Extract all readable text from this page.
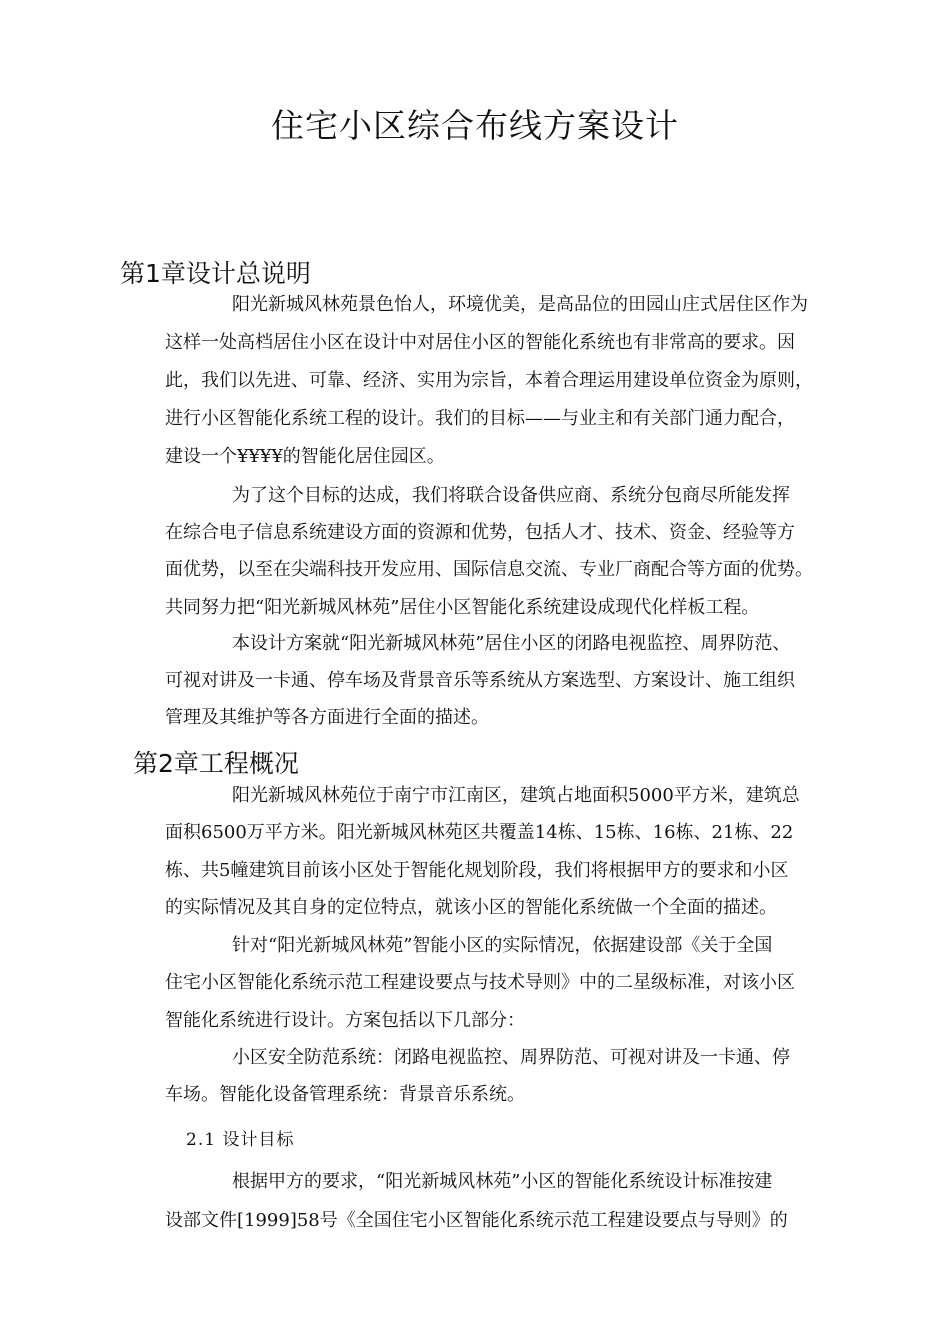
住宅小区综合布线方案设计
第1章设计总说明

阳光新城风林苑景色怡人，环境优美，是高品位的田园山庄式居住区作为

这样一处高档居住小区在设计中对居住小区的智能化系统也有非常高的要求。因

此，我们以先进、可靠、经济、实用为宗旨，本着合理运用建设单位资金为原则，

进行小区智能化系统工程的设计。我们的目标——与业主和有关部门通力配合，

建设一个¥¥¥¥的智能化居住园区。

为了这个目标的达成，我们将联合设备供应商、系统分包商尽所能发挥

在综合电子信息系统建设方面的资源和优势，包括人才、技术、资金、经验等方

面优势，以至在尖端科技开发应用、国际信息交流、专业厂商配合等方面的优势。

共同努力把“阳光新城风林苑”居住小区智能化系统建设成现代化样板工程。

本设计方案就“阳光新城风林苑”居住小区的闭路电视监控、周界防范、

可视对讲及一卡通、停车场及背景音乐等系统从方案选型、方案设计、施工组织

管理及其维护等各方面进行全面的描述。

第2章工程概况

阳光新城风林苑位于南宁市江南区，建筑占地面积5000平方米，建筑总

面积6500万平方米。阳光新城风林苑区共覆盖14栋、15栋、16栋、21栋、22

栋、共5幢建筑目前该小区处于智能化规划阶段，我们将根据甲方的要求和小区

的实际情况及其自身的定位特点，就该小区的智能化系统做一个全面的描述。

针对“阳光新城风林苑”智能小区的实际情况，依据建设部《关于全国

住宅小区智能化系统示范工程建设要点与技术导则》中的二星级标准，对该小区

智能化系统进行设计。方案包括以下几部分：

小区安全防范系统：闭路电视监控、周界防范、可视对讲及一卡通、停

车场。智能化设备管理系统：背景音乐系统。

2.1 设计目标

根据甲方的要求，“阳光新城风林苑”小区的智能化系统设计标准按建

设部文件[1999]58号《全国住宅小区智能化系统示范工程建设要点与导则》的
